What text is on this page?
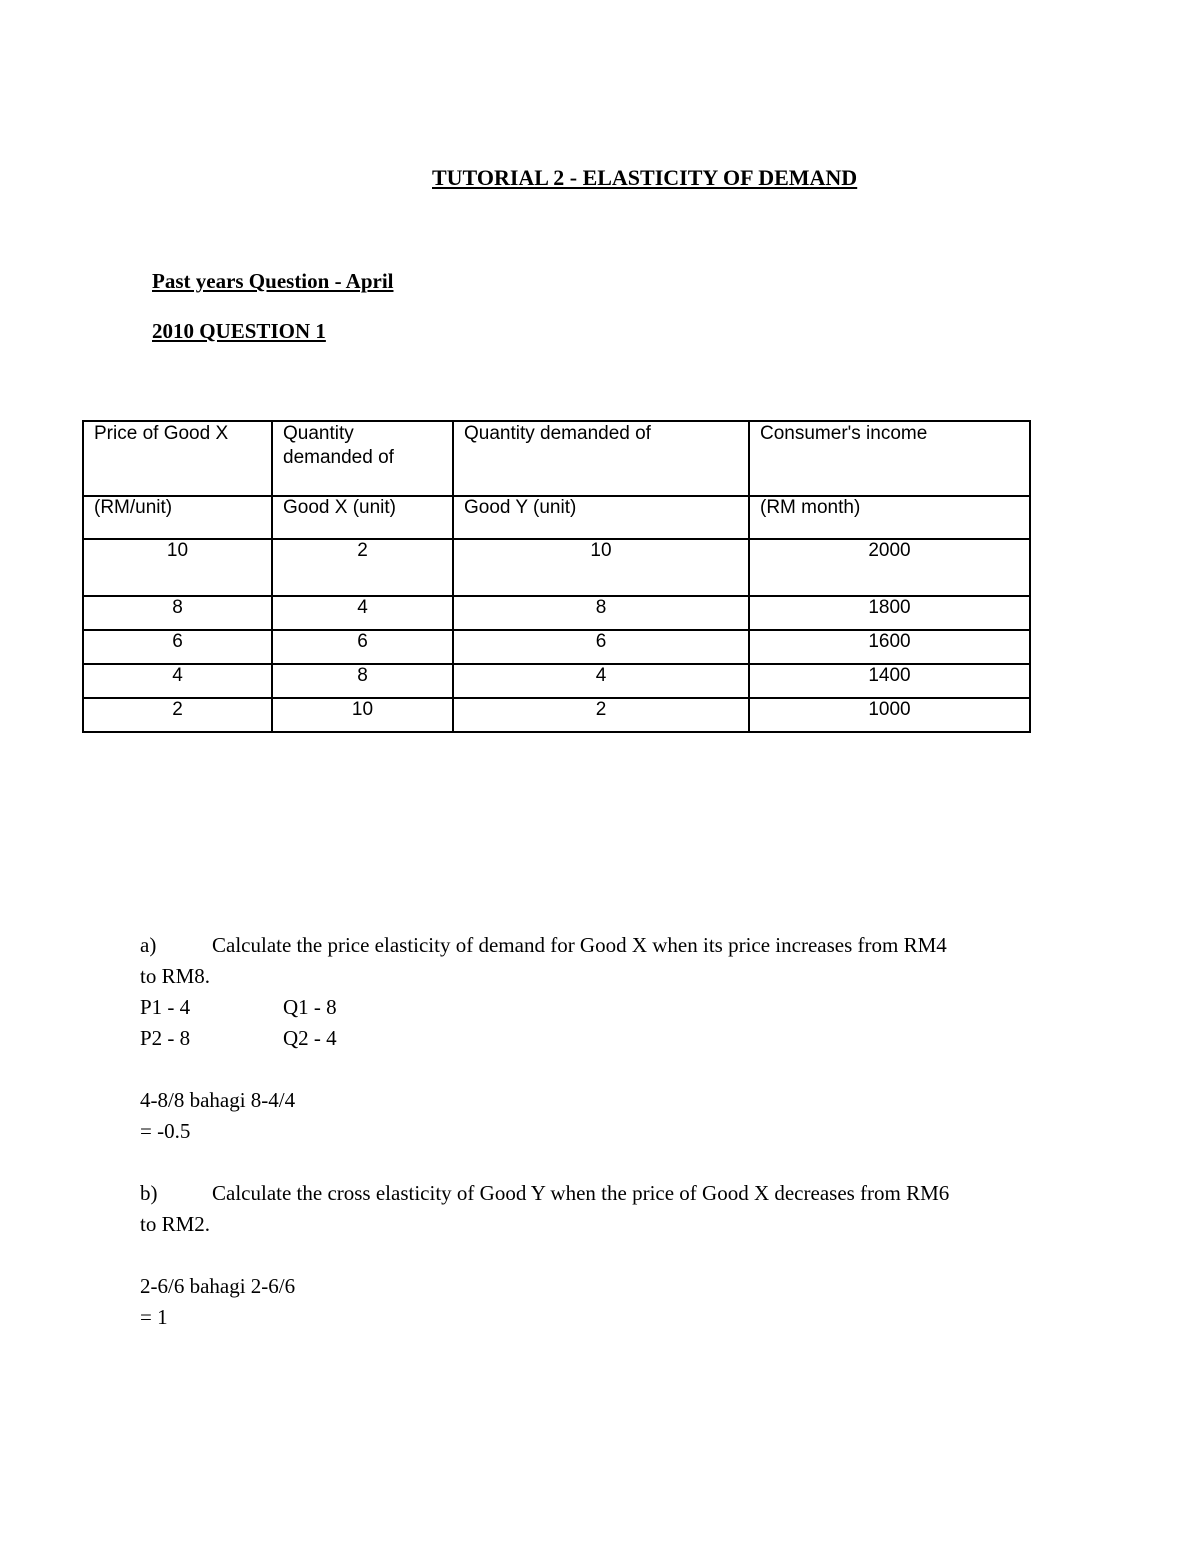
TUTORIAL 2 - ELASTICITY OF DEMAND
Past years Question - April
2010 QUESTION 1
Price of Good X	Quantity demanded of	Quantity demanded of	Consumer's income
(RM/unit)	Good X (unit)	Good Y (unit)	(RM month)
10	2	10	2000
8	4	8	1800
6	6	6	1600
4	8	4	1400
2	10	2	1000
a)	Calculate the price elasticity of demand for Good X when its price increases from RM4
to RM8.
P1 - 4	Q1 - 8
P2 - 8	Q2 - 4
4-8/8 bahagi 8-4/4
= -0.5
b)	Calculate the cross elasticity of Good Y when the price of Good X decreases from RM6
to RM2.
2-6/6 bahagi 2-6/6
= 1
